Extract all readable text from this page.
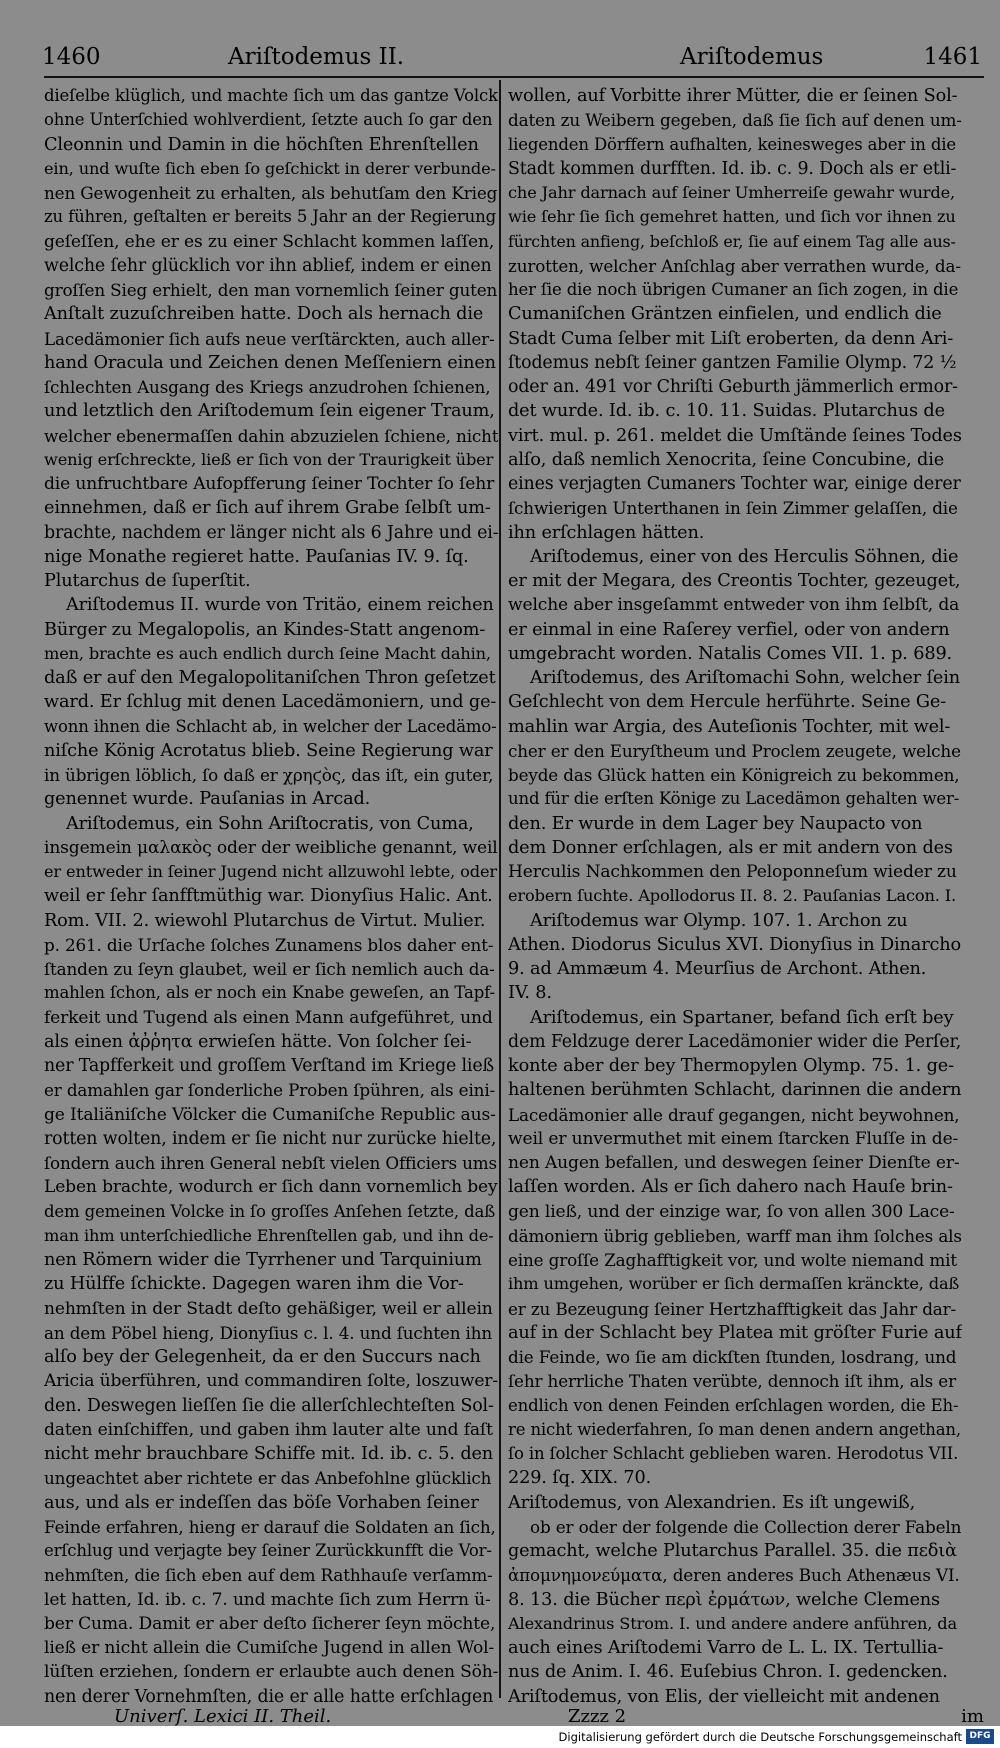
1460	Ariſtodemus II.	Ariſtodemus	1461
dieſelbe klüglich, und machte ſich um das gantze Volck
ohne Unterſchied wohlverdient, ſetzte auch ſo gar den
Cleonnin und Damin in die höchſten Ehrenſtellen
ein, und wuſte ſich eben ſo geſchickt in derer verbunde-
nen Gewogenheit zu erhalten, als behutſam den Krieg
zu führen, geſtalten er bereits 5 Jahr an der Regierung
geſeſſen, ehe er es zu einer Schlacht kommen laſſen,
welche ſehr glücklich vor ihn ablief, indem er einen
groſſen Sieg erhielt, den man vornemlich ſeiner guten
Anſtalt zuzuſchreiben hatte. Doch als hernach die
Lacedämonier ſich aufs neue verſtärckten, auch aller-
hand Oracula und Zeichen denen Meſſeniern einen
ſchlechten Ausgang des Kriegs anzudrohen ſchienen,
und letztlich den Ariſtodemum ſein eigener Traum,
welcher ebenermaſſen dahin abzuzielen ſchiene, nicht
wenig erſchreckte, ließ er ſich von der Traurigkeit über
die unfruchtbare Aufopfferung ſeiner Tochter ſo ſehr
einnehmen, daß er ſich auf ihrem Grabe ſelbſt um-
brachte, nachdem er länger nicht als 6 Jahre und ei-
nige Monathe regieret hatte. Pauſanias IV. 9. ſq.
Plutarchus de ſuperſtit.
Ariſtodemus II. wurde von Tritäo, einem reichen
Bürger zu Megalopolis, an Kindes-Statt angenom-
men, brachte es auch endlich durch ſeine Macht dahin,
daß er auf den Megalopolitaniſchen Thron geſetzet
ward. Er ſchlug mit denen Lacedämoniern, und ge-
wonn ihnen die Schlacht ab, in welcher der Lacedämo-
niſche König Acrotatus blieb. Seine Regierung war
in übrigen löblich, ſo daß er χρηϛὸς, das iſt, ein guter,
genennet wurde. Pauſanias in Arcad.
Ariſtodemus, ein Sohn Ariſtocratis, von Cuma,
insgemein μαλακὸς oder der weibliche genannt, weil
er entweder in ſeiner Jugend nicht allzuwohl lebte, oder
weil er ſehr ſanfftmüthig war. Dionyſius Halic. Ant.
Rom. VII. 2. wiewohl Plutarchus de Virtut. Mulier.
p. 261. die Urſache ſolches Zunamens blos daher ent-
ſtanden zu ſeyn glaubet, weil er ſich nemlich auch da-
mahlen ſchon, als er noch ein Knabe geweſen, an Tapf-
ferkeit und Tugend als einen Mann aufgeführet, und
als einen ἀῤῥητα erwieſen hätte. Von ſolcher ſei-
ner Tapfferkeit und groſſem Verſtand im Kriege ließ
er damahlen gar ſonderliche Proben ſpühren, als eini-
ge Italiäniſche Völcker die Cumaniſche Republic aus-
rotten wolten, indem er ſie nicht nur zurücke hielte,
ſondern auch ihren General nebſt vielen Officiers ums
Leben brachte, wodurch er ſich dann vornemlich bey
dem gemeinen Volcke in ſo groſſes Anſehen ſetzte, daß
man ihm unterſchiedliche Ehrenſtellen gab, und ihn de-
nen Römern wider die Tyrrhener und Tarquinium
zu Hülffe ſchickte. Dagegen waren ihm die Vor-
nehmſten in der Stadt deſto gehäßiger, weil er allein
an dem Pöbel hieng, Dionyſius c. l. 4. und ſuchten ihn
alſo bey der Gelegenheit, da er den Succurs nach
Aricia überführen, und commandiren ſolte, loszuwer-
den. Deswegen lieſſen ſie die allerſchlechteſten Sol-
daten einſchiffen, und gaben ihm lauter alte und faſt
nicht mehr brauchbare Schiffe mit. Id. ib. c. 5. den
ungeachtet aber richtete er das Anbefohlne glücklich
aus, und als er indeſſen das böſe Vorhaben ſeiner
Feinde erfahren, hieng er darauf die Soldaten an ſich,
erſchlug und verjagte bey ſeiner Zurückkunfft die Vor-
nehmſten, die ſich eben auf dem Rathhauſe verſamm-
let hatten, Id. ib. c. 7. und machte ſich zum Herrn ü-
ber Cuma. Damit er aber deſto ſicherer ſeyn möchte,
ließ er nicht allein die Cumiſche Jugend in allen Wol-
lüſten erziehen, ſondern er erlaubte auch denen Söh-
nen derer Vornehmſten, die er alle hatte erſchlagen
wollen, auf Vorbitte ihrer Mütter, die er ſeinen Sol-
daten zu Weibern gegeben, daß ſie ſich auf denen um-
liegenden Dörffern aufhalten, keinesweges aber in die
Stadt kommen durfften. Id. ib. c. 9. Doch als er etli-
che Jahr darnach auf ſeiner Umherreiſe gewahr wurde,
wie ſehr ſie ſich gemehret hatten, und ſich vor ihnen zu
fürchten anfieng, beſchloß er, ſie auf einem Tag alle aus-
zurotten, welcher Anſchlag aber verrathen wurde, da-
her ſie die noch übrigen Cumaner an ſich zogen, in die
Cumaniſchen Gräntzen einfielen, und endlich die
Stadt Cuma ſelber mit Liſt eroberten, da denn Ari-
ſtodemus nebſt ſeiner gantzen Familie Olymp. 72 ½
oder an. 491 vor Chriſti Geburth jämmerlich ermor-
det wurde. Id. ib. c. 10. 11. Suidas. Plutarchus de
virt. mul. p. 261. meldet die Umſtände ſeines Todes
alſo, daß nemlich Xenocrita, ſeine Concubine, die
eines verjagten Cumaners Tochter war, einige derer
ſchwierigen Unterthanen in ſein Zimmer gelaſſen, die
ihn erſchlagen hätten.
Ariſtodemus, einer von des Herculis Söhnen, die
er mit der Megara, des Creontis Tochter, gezeuget,
welche aber insgeſammt entweder von ihm ſelbſt, da
er einmal in eine Raſerey verfiel, oder von andern
umgebracht worden. Natalis Comes VII. 1. p. 689.
Ariſtodemus, des Ariſtomachi Sohn, welcher ſein
Geſchlecht von dem Hercule herführte. Seine Ge-
mahlin war Argia, des Auteſionis Tochter, mit wel-
cher er den Euryſtheum und Proclem zeugete, welche
beyde das Glück hatten ein Königreich zu bekommen,
und für die erſten Könige zu Lacedämon gehalten wer-
den. Er wurde in dem Lager bey Naupacto von
dem Donner erſchlagen, als er mit andern von des
Herculis Nachkommen den Peloponneſum wieder zu
erobern ſuchte. Apollodorus II. 8. 2. Pauſanias Lacon. I.
Ariſtodemus war Olymp. 107. 1. Archon zu
Athen. Diodorus Siculus XVI. Dionyſius in Dinarcho
9. ad Ammæum 4. Meurſius de Archont. Athen.
IV. 8.
Ariſtodemus, ein Spartaner, befand ſich erſt bey
dem Feldzuge derer Lacedämonier wider die Perſer,
konte aber der bey Thermopylen Olymp. 75. 1. ge-
haltenen berühmten Schlacht, darinnen die andern
Lacedämonier alle drauf gegangen, nicht beywohnen,
weil er unvermuthet mit einem ſtarcken Fluſſe in de-
nen Augen befallen, und deswegen ſeiner Dienſte er-
laſſen worden. Als er ſich dahero nach Hauſe brin-
gen ließ, und der einzige war, ſo von allen 300 Lace-
dämoniern übrig geblieben, warff man ihm ſolches als
eine groſſe Zaghafftigkeit vor, und wolte niemand mit
ihm umgehen, worüber er ſich dermaſſen kränckte, daß
er zu Bezeugung ſeiner Hertzhafftigkeit das Jahr dar-
auf in der Schlacht bey Platea mit gröſter Furie auf
die Feinde, wo ſie am dickſten ſtunden, losdrang, und
ſehr herrliche Thaten verübte, dennoch iſt ihm, als er
endlich von denen Feinden erſchlagen worden, die Eh-
re nicht wiederfahren, ſo man denen andern angethan,
ſo in ſolcher Schlacht geblieben waren. Herodotus VII.
229. ſq. XIX. 70.
Ariſtodemus, von Alexandrien. Es iſt ungewiß,
ob er oder der folgende die Collection derer Fabeln
gemacht, welche Plutarchus Parallel. 35. die πεδιὰ
ἀπομνημονεύματα, deren anderes Buch Athenæus VI.
8. 13. die Bücher περὶ ἐρμάτων, welche Clemens
Alexandrinus Strom. I. und andere andere anführen, da
auch eines Ariſtodemi Varro de L. L. IX. Tertullia-
nus de Anim. I. 46. Euſebius Chron. I. gedencken.
Ariſtodemus, von Elis, der vielleicht mit andenen
Univerſ. Lexici II. Theil.	Zzzz 2	im
Digitalisierung gefördert durch die Deutsche Forschungsgemeinschaft DFG
